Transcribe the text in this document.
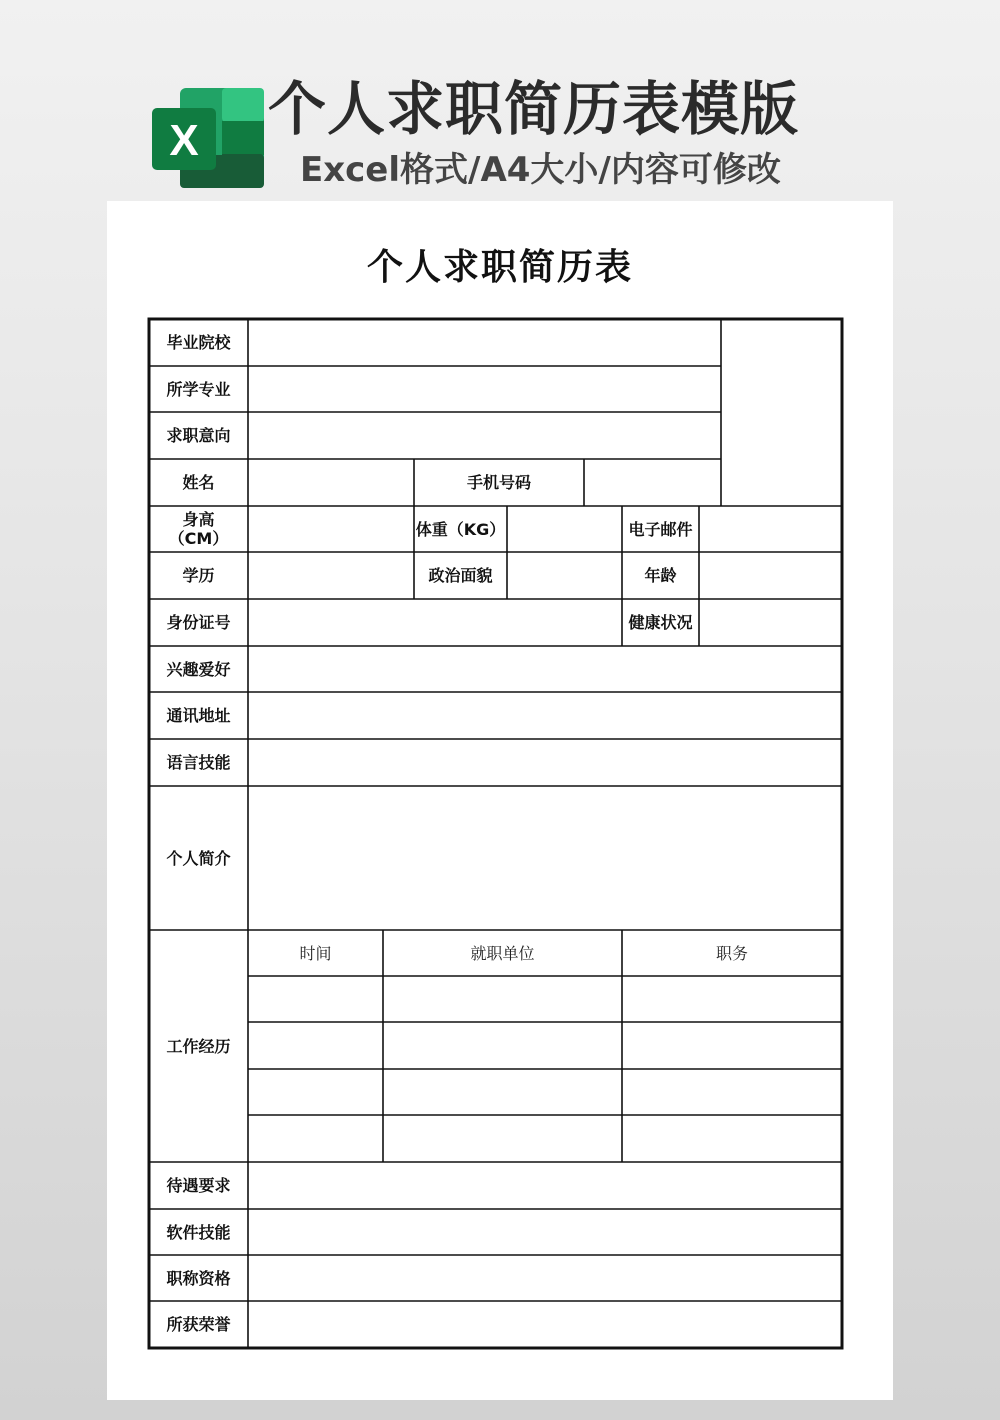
X 个人求职简历表模版
Excel格式/A4大小/内容可修改
个人求职简历表
毕业院校
所学专业
求职意向
姓名	手机号码
身高（CM）	体重（KG）	电子邮件
学历	政治面貌	年龄
身份证号	健康状况
兴趣爱好
通讯地址
语言技能
个人简介
工作经历
时间	就职单位	职务
待遇要求
软件技能
职称资格
所获荣誉
